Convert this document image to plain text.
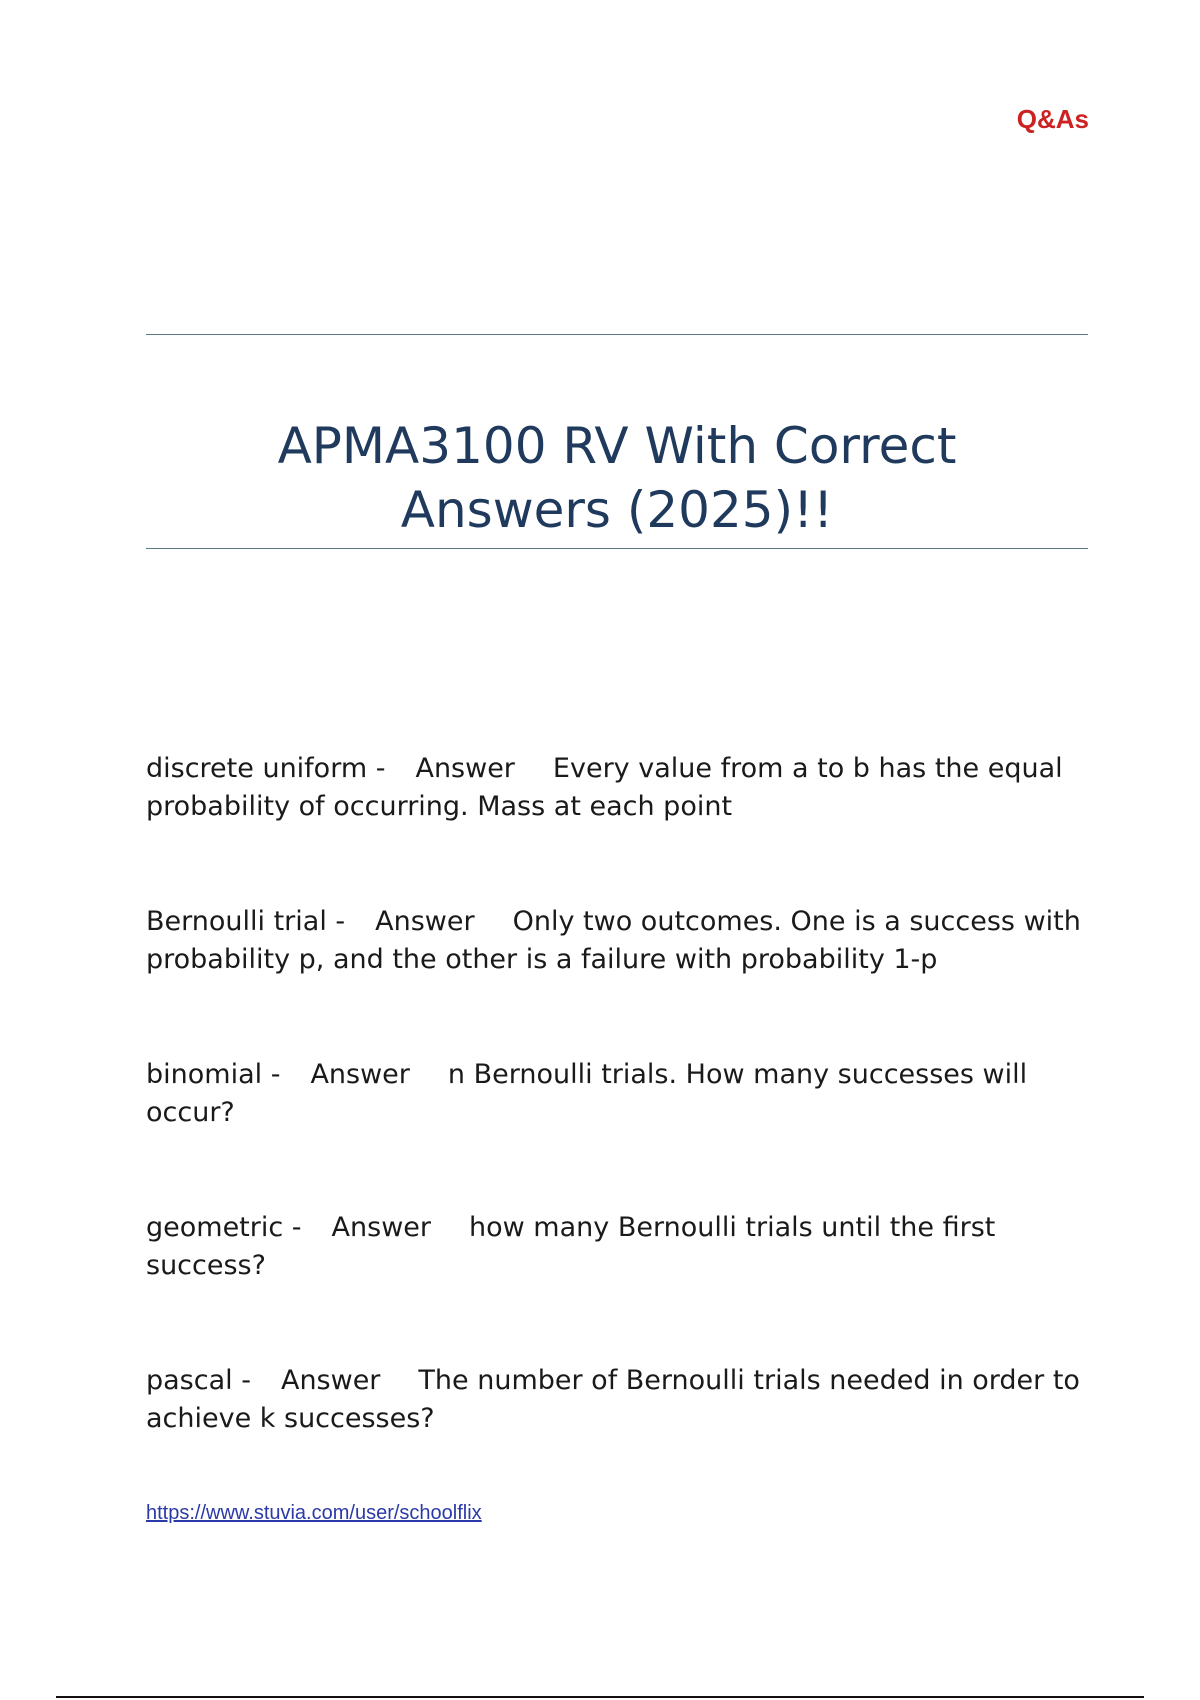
Q&As
APMA3100 RV With Correct
Answers (2025)!!

discrete uniform - Answer Every value from a to b has the equal probability of occurring. Mass at each point

Bernoulli trial - Answer Only two outcomes. One is a success with probability p, and the other is a failure with probability 1-p

binomial - Answer n Bernoulli trials. How many successes will occur?

geometric - Answer how many Bernoulli trials until the first success?

pascal - Answer The number of Bernoulli trials needed in order to achieve k successes?

https://www.stuvia.com/user/schoolflix
